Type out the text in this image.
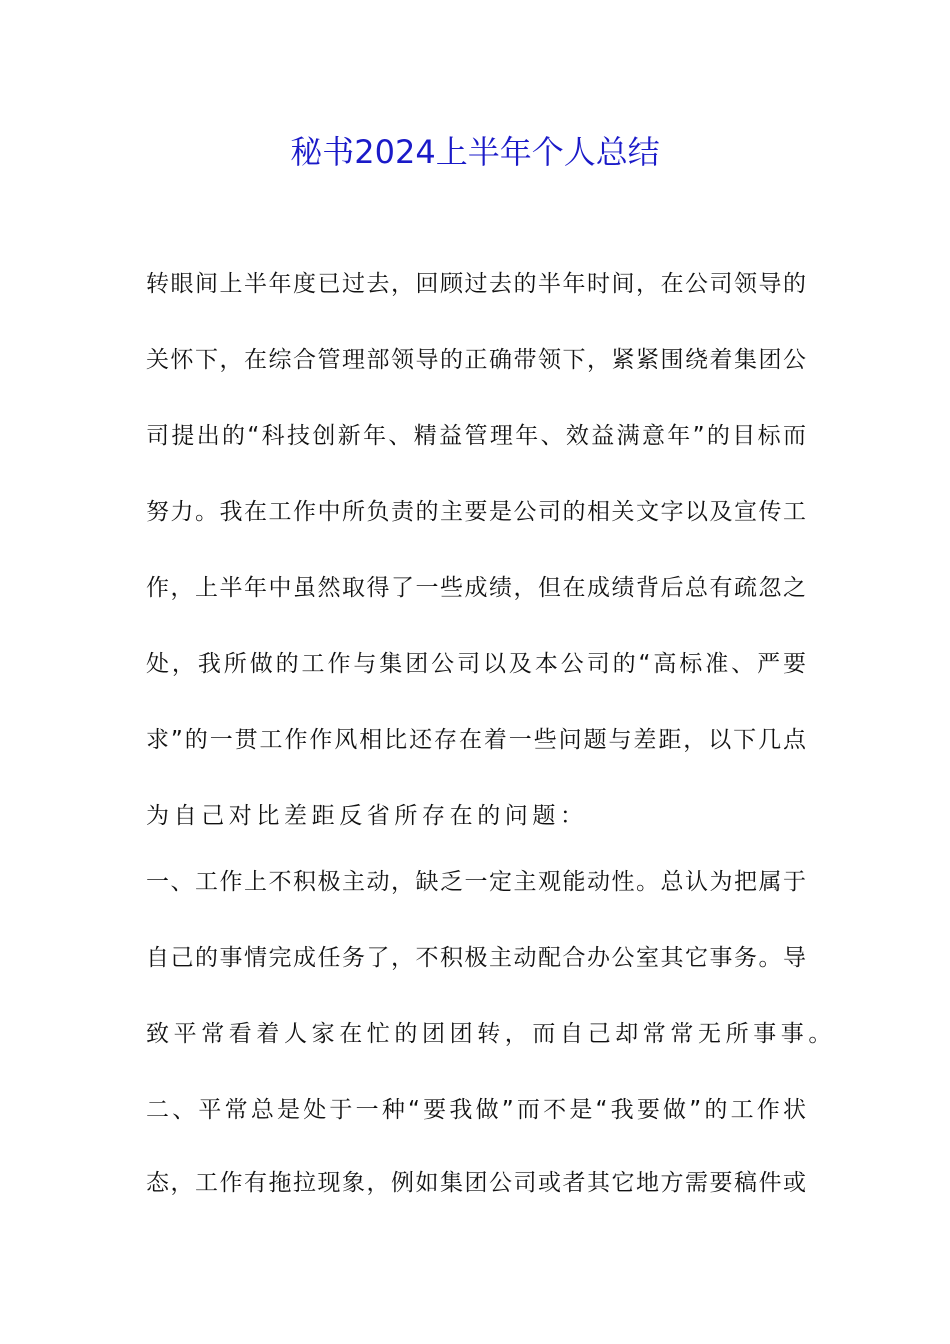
秘书2024上半年个人总结
转眼间上半年度已过去，回顾过去的半年时间，在公司领导的
关怀下，在综合管理部领导的正确带领下，紧紧围绕着集团公
司提出的“科技创新年、精益管理年、效益满意年”的目标而
努力。我在工作中所负责的主要是公司的相关文字以及宣传工
作，上半年中虽然取得了一些成绩，但在成绩背后总有疏忽之
处，我所做的工作与集团公司以及本公司的“高标准、严要
求”的一贯工作作风相比还存在着一些问题与差距，以下几点
为自己对比差距反省所存在的问题：
一、工作上不积极主动，缺乏一定主观能动性。总认为把属于
自己的事情完成任务了，不积极主动配合办公室其它事务。导
致平常看着人家在忙的团团转，而自己却常常无所事事。
二、平常总是处于一种“要我做”而不是“我要做”的工作状
态，工作有拖拉现象，例如集团公司或者其它地方需要稿件或
